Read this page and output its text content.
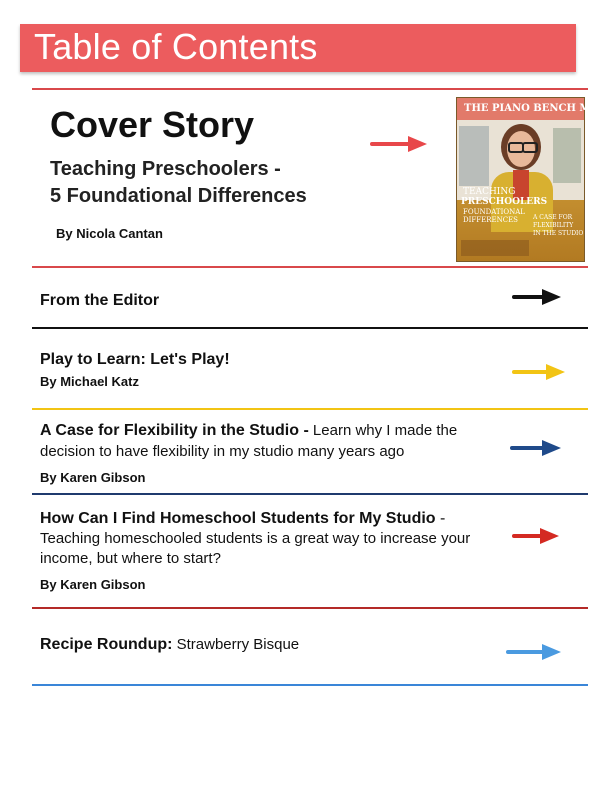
Table of Contents
Cover Story
Teaching Preschoolers -
5 Foundational Differences
By Nicola Cantan
THE PIANO BENCH MAG
TEACHING
PRESCHOOLERS
FOUNDATIONAL
DIFFERENCES	A CASE FOR
FLEXIBILITY
IN THE STUDIO
From the Editor
Play to Learn: Let's Play!
By Michael Katz
A Case for Flexibility in the Studio - Learn why I made the decision to have flexibility in my studio many years ago
By Karen Gibson
How Can I Find Homeschool Students for My Studio -
Teaching homeschooled students is a great way to increase your income, but where to start?
By Karen Gibson
Recipe Roundup: Strawberry Bisque
